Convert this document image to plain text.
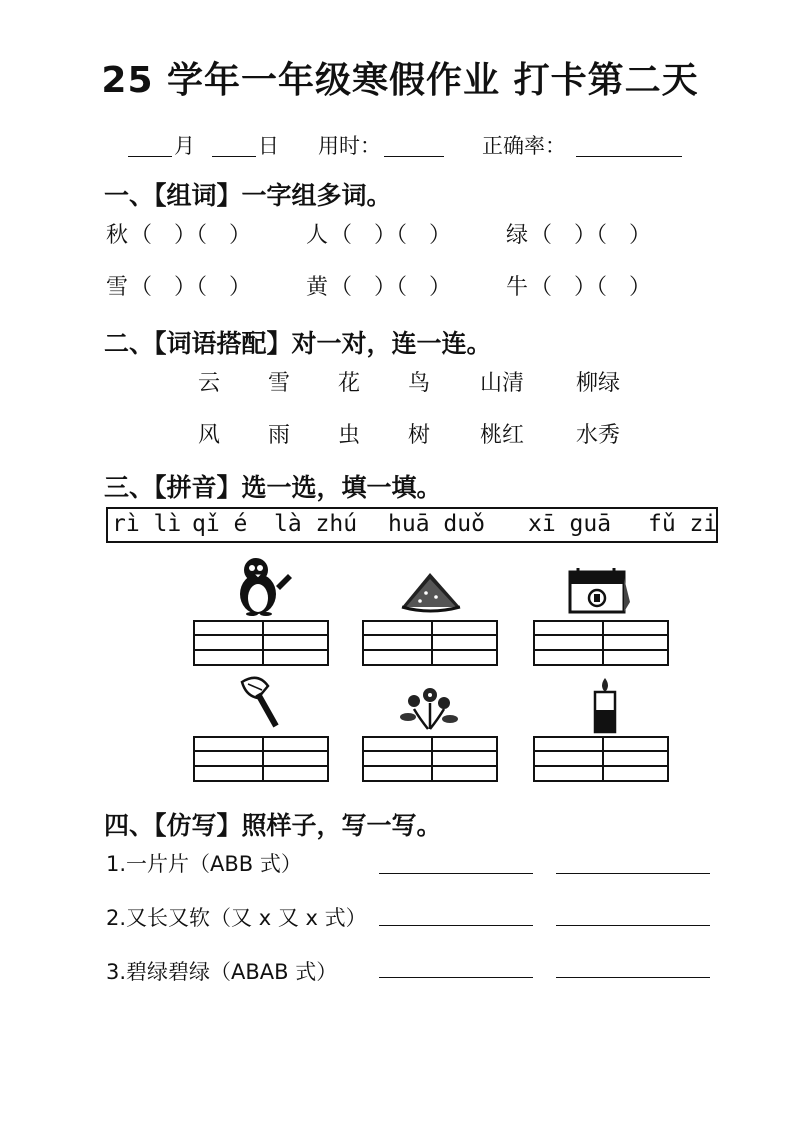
25 学年一年级寒假作业 打卡第二天
月	日 用时：	正确率：
一、【组词】一字组多词。
秋 （　）（　） 人 （　）（　） 绿 （　）（　）
雪 （　）（　） 黄 （　）（　） 牛 （　）（　）
二、【词语搭配】对一对，连一连。
云 雪 花 鸟 山清 柳绿
风 雨 虫 树 桃红 水秀
三、【拼音】选一选，填一填。
rì lì qǐ é là zhú huā duǒ xī guā fǔ zi
四、【仿写】照样子，写一写。
1.一片片（ABB 式）
2.又长又软（又 x 又 x 式）
3.碧绿碧绿（ABAB 式）
